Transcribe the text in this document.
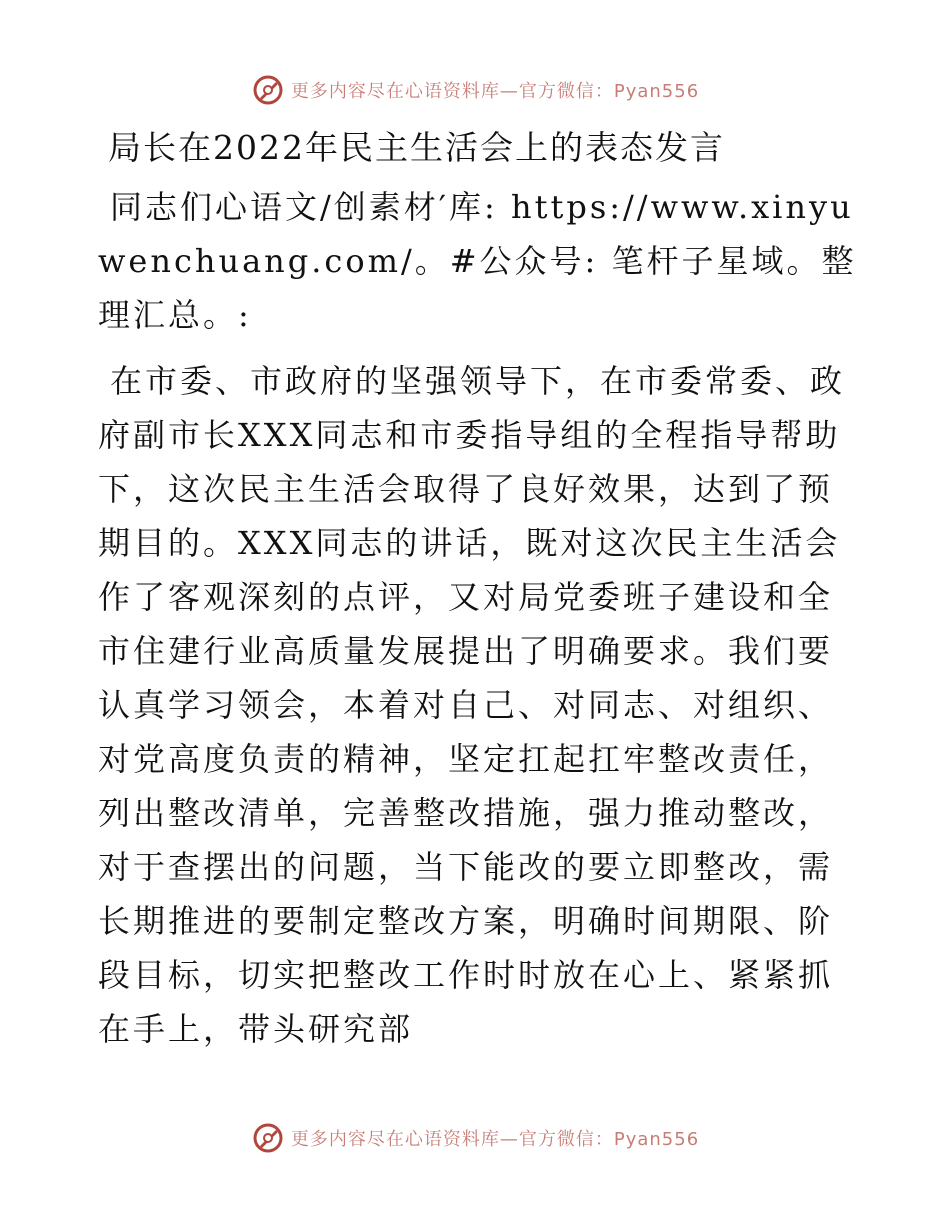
更多内容尽在心语资料库—官方微信：Pyan556
局长在2022年民主生活会上的表态发言

同志们心语文/创素材′库: https://www.xinyuwenchuang.com/。#公众号: 笔杆子星域。整理汇总。:

在市委、市政府的坚强领导下，在市委常委、政府副市长XXX同志和市委指导组的全程指导帮助下，这次民主生活会取得了良好效果，达到了预期目的。XXX同志的讲话，既对这次民主生活会作了客观深刻的点评，又对局党委班子建设和全市住建行业高质量发展提出了明确要求。我们要认真学习领会，本着对自己、对同志、对组织、对党高度负责的精神，坚定扛起扛牢整改责任，列出整改清单，完善整改措施，强力推动整改，对于查摆出的问题，当下能改的要立即整改，需长期推进的要制定整改方案，明确时间期限、阶段目标，切实把整改工作时时放在心上、紧紧抓在手上，带头研究部

更多内容尽在心语资料库—官方微信：Pyan556
